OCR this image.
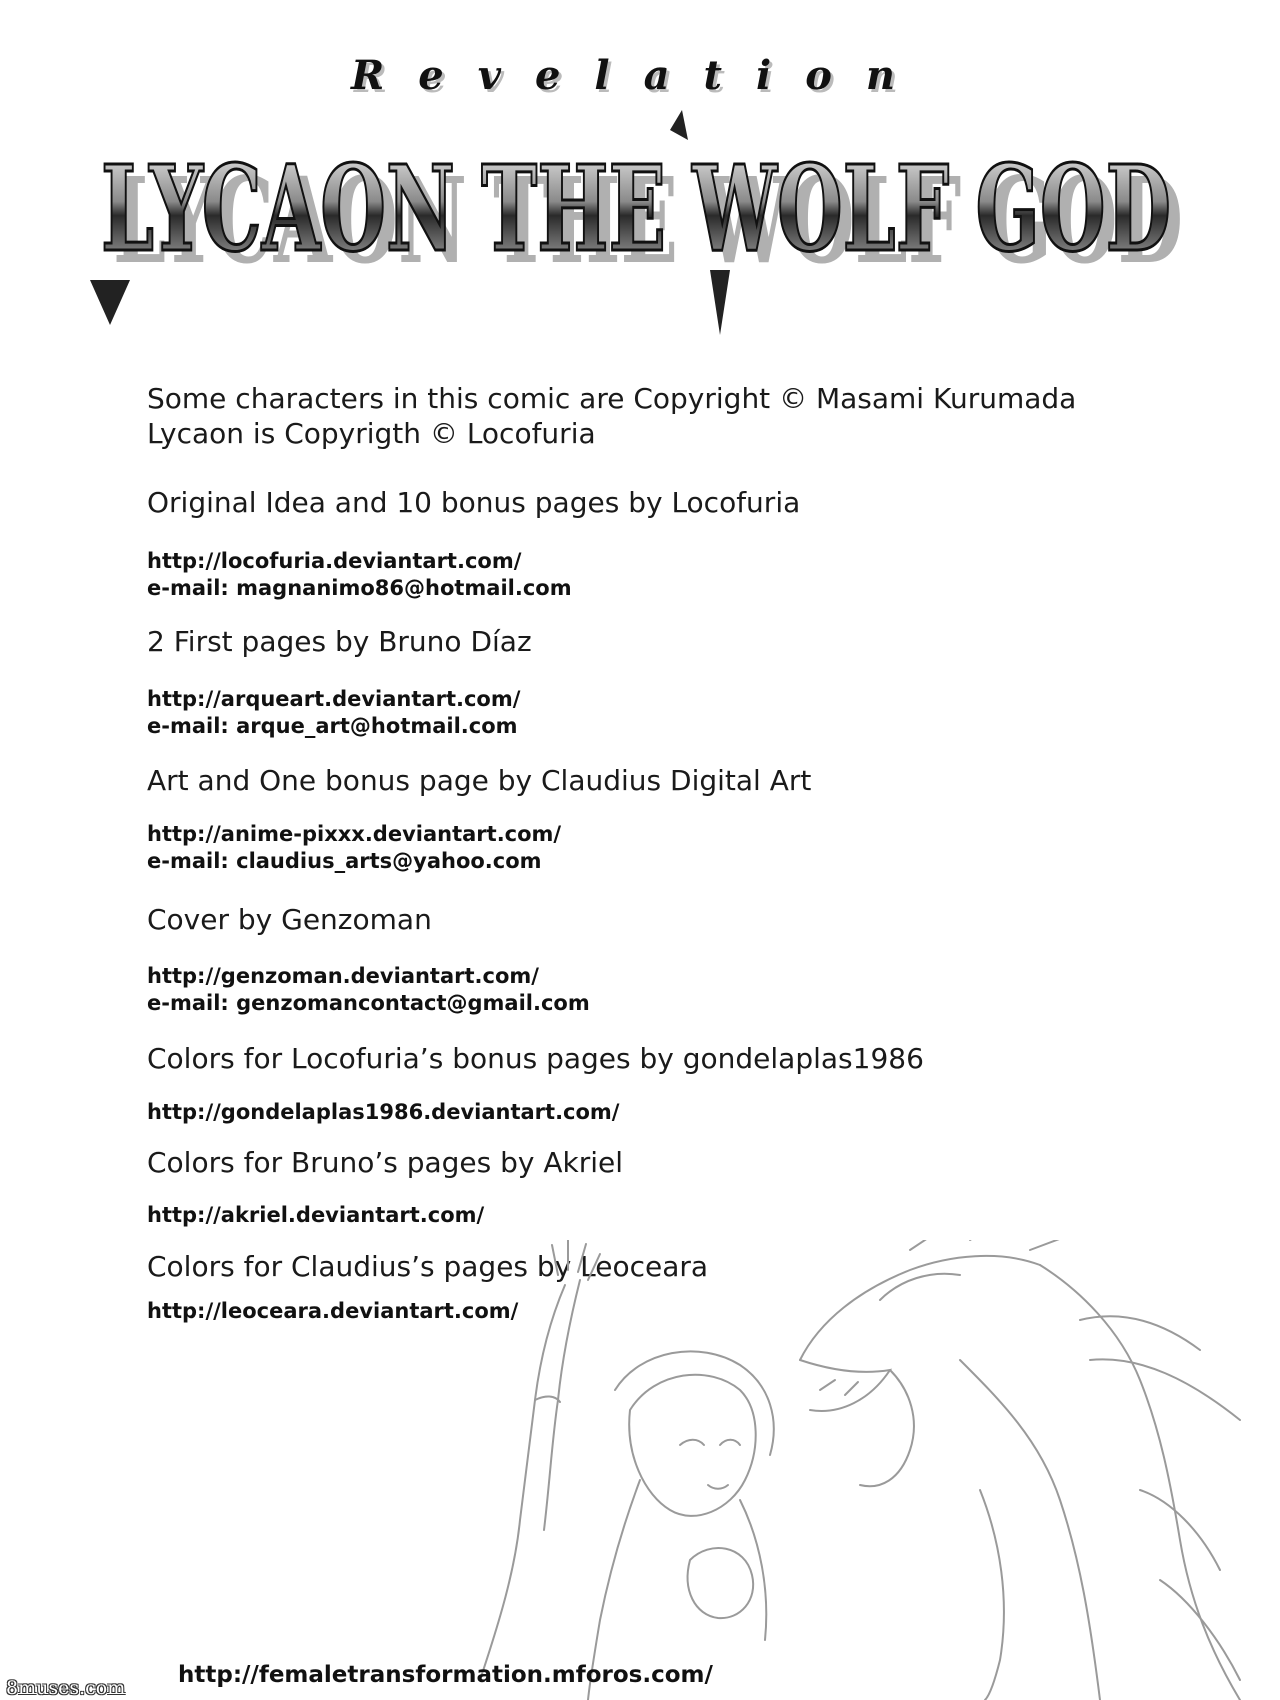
Revelation
LYCAON THE WOLF GOD
LYCAON THE WOLF GOD
Some characters in this comic are Copyright © Masami Kurumada
Lycaon is Copyrigth © Locofuria
Original Idea and 10 bonus pages by Locofuria
http://locofuria.deviantart.com/
e-mail: magnanimo86@hotmail.com
2 First pages by Bruno Díaz
http://arqueart.deviantart.com/
e-mail: arque_art@hotmail.com
Art and One bonus page by Claudius Digital Art
http://anime-pixxx.deviantart.com/
e-mail: claudius_arts@yahoo.com
Cover by Genzoman
http://genzoman.deviantart.com/
e-mail: genzomancontact@gmail.com
Colors for Locofuria’s bonus pages by gondelaplas1986
http://gondelaplas1986.deviantart.com/
Colors for Bruno’s pages by Akriel
http://akriel.deviantart.com/
Colors for Claudius’s pages by Leoceara
http://leoceara.deviantart.com/
http://femaletransformation.mforos.com/
8muses.com
